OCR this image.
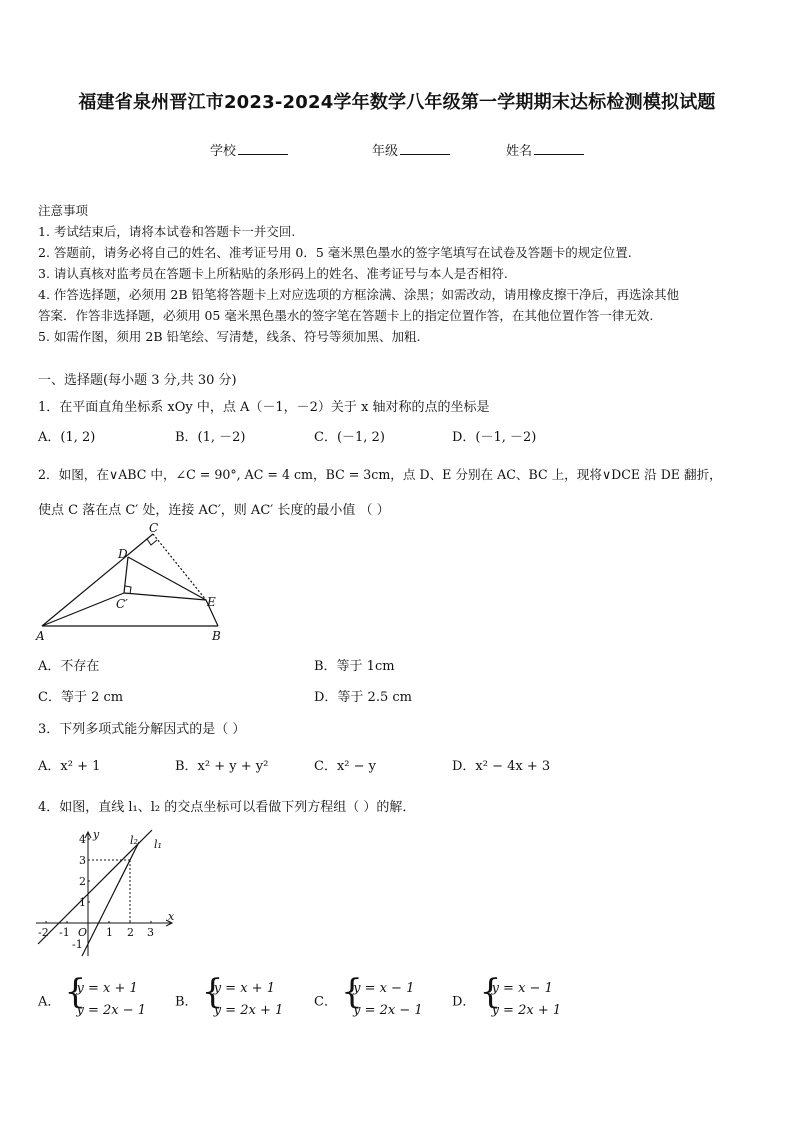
福建省泉州晋江市2023-2024学年数学八年级第一学期期末达标检测模拟试题
学校	年级	姓名
注意事项
1. 考试结束后，请将本试卷和答题卡一并交回.
2. 答题前，请务必将自己的姓名、准考证号用 0．5 毫米黑色墨水的签字笔填写在试卷及答题卡的规定位置.
3. 请认真核对监考员在答题卡上所粘贴的条形码上的姓名、准考证号与本人是否相符.
4. 作答选择题，必须用 2B 铅笔将答题卡上对应选项的方框涂满、涂黑；如需改动，请用橡皮擦干净后，再选涂其他
答案．作答非选择题，必须用 05 毫米黑色墨水的签字笔在答题卡上的指定位置作答，在其他位置作答一律无效.
5. 如需作图，须用 2B 铅笔绘、写清楚，线条、符号等须加黑、加粗.
一、选择题(每小题 3 分,共 30 分)
1．在平面直角坐标系 xOy 中，点 A（－1，－2）关于 x 轴对称的点的坐标是
A．(1, 2)	B．(1, －2)	C．(－1, 2)	D．(－1, －2)
2．如图，在∨ABC 中，∠C = 90°, AC = 4 cm，BC = 3cm，点 D、E 分别在 AC、BC 上，现将∨DCE 沿 DE 翻折，
使点 C 落在点 C′ 处，连接 AC′，则 AC′ 长度的最小值 （ ）
A	B
C
D
E
C′
A．不存在	B．等于 1cm
C．等于 2 cm	D．等于 2.5 cm
3．下列多项式能分解因式的是（ ）
A．x² + 1	B．x² + y + y²	C．x² − y	D．x² − 4x + 3
4．如图，直线 l₁、l₂ 的交点坐标可以看做下列方程组（ ）的解．
y
x
O
-2 -1	1 2 3
4
3
2
1
-1
l₂ l₁
A． {
y = x + 1
y = 2x − 1
B． {
y = x + 1
y = 2x + 1
C． {
y = x − 1
y = 2x − 1
D． {
y = x − 1
y = 2x + 1
